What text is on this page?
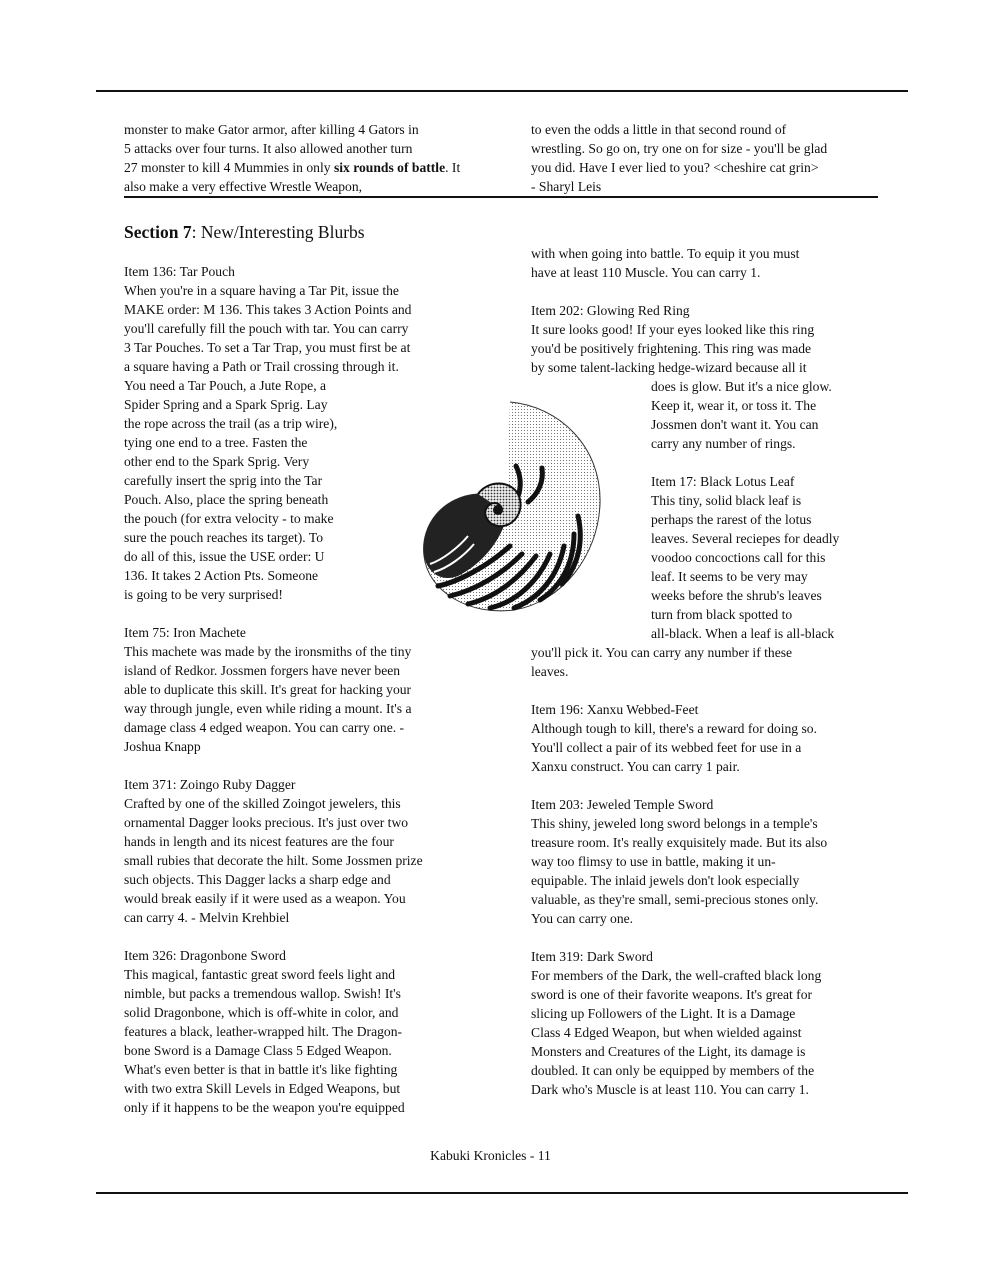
monster to make Gator armor, after killing 4 Gators in

5 attacks over four turns. It also allowed another turn

27 monster to kill 4 Mummies in only six rounds of battle. It also make a very effective Wrestle Weapon,

to even the odds a little in that second round of

wrestling. So go on, try one on for size - you'll be glad

you did. Have I ever lied to you? <cheshire cat grin>

- Sharyl Leis

Section 7: New/Interesting Blurbs

Item 136: Tar Pouch

When you're in a square having a Tar Pit, issue the

MAKE order: M 136. This takes 3 Action Points and

you'll carefully fill the pouch with tar. You can carry

3 Tar Pouches. To set a Tar Trap, you must first be at

a square having a Path or Trail crossing through it.

You need a Tar Pouch, a Jute Rope, a

Spider Spring and a Spark Sprig. Lay

the rope across the trail (as a trip wire),

tying one end to a tree. Fasten the

other end to the Spark Sprig. Very

carefully insert the sprig into the Tar

Pouch. Also, place the spring beneath

the pouch (for extra velocity - to make

sure the pouch reaches its target). To

do all of this, issue the USE order: U

136. It takes 2 Action Pts. Someone

is going to be very surprised!

Item 75: Iron Machete

This machete was made by the ironsmiths of the tiny

island of Redkor. Jossmen forgers have never been

able to duplicate this skill. It's great for hacking your

way through jungle, even while riding a mount. It's a

damage class 4 edged weapon. You can carry one. -

Joshua Knapp

Item 371: Zoingo Ruby Dagger

Crafted by one of the skilled Zoingot jewelers, this

ornamental Dagger looks precious. It's just over two

hands in length and its nicest features are the four

small rubies that decorate the hilt. Some Jossmen prize

such objects. This Dagger lacks a sharp edge and

would break easily if it were used as a weapon. You

can carry 4. - Melvin Krehbiel

Item 326: Dragonbone Sword

This magical, fantastic great sword feels light and

nimble, but packs a tremendous wallop. Swish! It's

solid Dragonbone, which is off-white in color, and

features a black, leather-wrapped hilt. The Dragon-

bone Sword is a Damage Class 5 Edged Weapon.

What's even better is that in battle it's like fighting

with two extra Skill Levels in Edged Weapons, but

only if it happens to be the weapon you're equipped

with when going into battle. To equip it you must

have at least 110 Muscle. You can carry 1.

Item 202: Glowing Red Ring

It sure looks good! If your eyes looked like this ring

you'd be positively frightening. This ring was made

by some talent-lacking hedge-wizard because all it

does is glow. But it's a nice glow.

Keep it, wear it, or toss it. The

Jossmen don't want it. You can

carry any number of rings.

Item 17: Black Lotus Leaf

This tiny, solid black leaf is

perhaps the rarest of the lotus

leaves. Several reciepes for deadly

voodoo concoctions call for this

leaf. It seems to be very may

weeks before the shrub's leaves

turn from black spotted to

all-black. When a leaf is all-black

you'll pick it. You can carry any number if these

leaves.

Item 196: Xanxu Webbed-Feet

Although tough to kill, there's a reward for doing so.

You'll collect a pair of its webbed feet for use in a

Xanxu construct. You can carry 1 pair.

Item 203: Jeweled Temple Sword

This shiny, jeweled long sword belongs in a temple's

treasure room. It's really exquisitely made. But its also

way too flimsy to use in battle, making it un-

equipable. The inlaid jewels don't look especially

valuable, as they're small, semi-precious stones only.

You can carry one.

Item 319: Dark Sword

For members of the Dark, the well-crafted black long

sword is one of their favorite weapons. It's great for

slicing up Followers of the Light. It is a Damage

Class 4 Edged Weapon, but when wielded against

Monsters and Creatures of the Light, its damage is

doubled. It can only be equipped by members of the

Dark who's Muscle is at least 110. You can carry 1.

Kabuki Kronicles - 11
